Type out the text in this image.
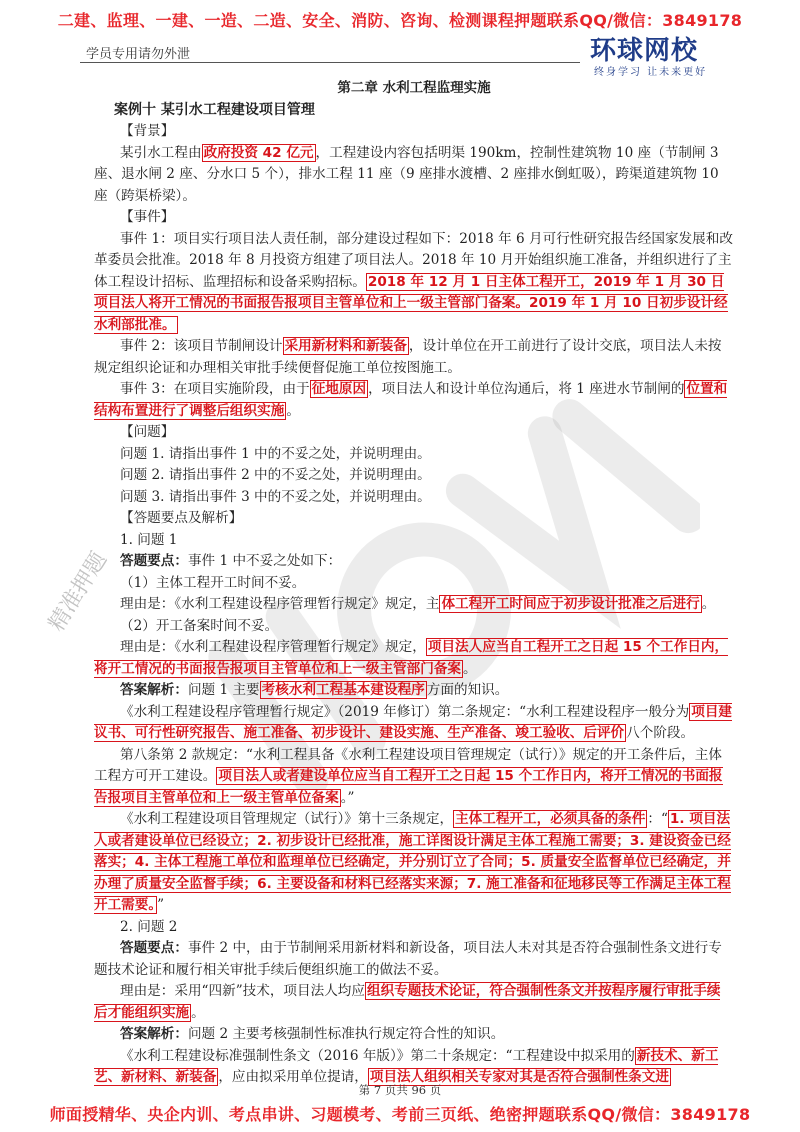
二建、监理、一建、一造、二造、安全、消防、咨询、检测课程押题联系QQ/微信：3849178
学员专用请勿外泄	环球网校
终身学习 让未来更好
精准押题

第二章 水利工程监理实施

案例十 某引水工程建设项目管理

【背景】

某引水工程由 政府投资 42 亿元 ，工程建设内容包括明渠 190km，控制性建筑物 10 座（节制闸 3 座、退水闸 2 座、分水口 5 个），排水工程 11 座（9 座排水渡槽、2 座排水倒虹吸），跨渠道建筑物 10 座（跨渠桥梁）。

【事件】

事件 1：项目实行项目法人责任制，部分建设过程如下：2018 年 6 月可行性研究报告经国家发展和改革委员会批准。2018 年 8 月投资方组建了项目法人。2018 年 10 月开始组织施工准备，并组织进行了主体工程设计招标、监理招标和设备采购招标。 2018 年 12 月 1 日主体工程开工，2019 年 1 月 30 日项目法人将开工情况的书面报告报项目主管单位和上一级主管部门备案。2019 年 1 月 10 日初步设计经水利部批准。

事件 2：该项目节制闸设计 采用新材料和新装备 ，设计单位在开工前进行了设计交底，项目法人未按规定组织论证和办理相关审批手续便督促施工单位按图施工。

事件 3：在项目实施阶段，由于 征地原因 ，项目法人和设计单位沟通后，将 1 座进水节制闸的 位置和结构布置进行了调整后组织实施 。

【问题】

问题 1. 请指出事件 1 中的不妥之处，并说明理由。

问题 2. 请指出事件 2 中的不妥之处，并说明理由。

问题 3. 请指出事件 3 中的不妥之处，并说明理由。

【答题要点及解析】

1. 问题 1

答题要点：事件 1 中不妥之处如下：

（1）主体工程开工时间不妥。

理由是：《水利工程建设程序管理暂行规定》规定，主 体工程开工时间应于初步设计批准之后进行 。

（2）开工备案时间不妥。

理由是：《水利工程建设程序管理暂行规定》规定， 项目法人应当自工程开工之日起 15 个工作日内，将开工情况的书面报告报项目主管单位和上一级主管部门备案 。

答案解析：问题 1 主要 考核水利工程基本建设程序 方面的知识。

《水利工程建设程序管理暂行规定》（2019 年修订）第二条规定：“水利工程建设程序一般分为 项目建议书、可行性研究报告、施工准备、初步设计、建设实施、生产准备、竣工验收、后评价 八个阶段。

第八条第 2 款规定：“水利工程具备《水利工程建设项目管理规定（试行）》规定的开工条件后，主体工程方可开工建设。 项目法人或者建设单位应当自工程开工之日起 15 个工作日内，将开工情况的书面报告报项目主管单位和上一级主管单位备案 。”

《水利工程建设项目管理规定（试行）》第十三条规定， 主体工程开工，必须具备的条件 ：“ 1. 项目法人或者建设单位已经设立；2. 初步设计已经批准，施工详图设计满足主体工程施工需要；3. 建设资金已经落实；4. 主体工程施工单位和监理单位已经确定，并分别订立了合同；5. 质量安全监督单位已经确定，并办理了质量安全监督手续；6. 主要设备和材料已经落实来源；7. 施工准备和征地移民等工作满足主体工程开工需要。 ”

2. 问题 2

答题要点：事件 2 中，由于节制闸采用新材料和新设备，项目法人未对其是否符合强制性条文进行专题技术论证和履行相关审批手续后便组织施工的做法不妥。

理由是：采用“四新”技术，项目法人均应 组织专题技术论证，符合强制性条文并按程序履行审批手续后才能组织实施 。

答案解析：问题 2 主要考核强制性标准执行规定符合性的知识。

《水利工程建设标准强制性条文（2016 年版）》第二十条规定：“工程建设中拟采用的 新技术、新工艺、新材料、新装备 ，应由拟采用单位提请， 项目法人组织相关专家对其是否符合强制性条文进

第 7 页共 96 页
师面授精华、央企内训、考点串讲、习题模考、考前三页纸、绝密押题联系QQ/微信：3849178
